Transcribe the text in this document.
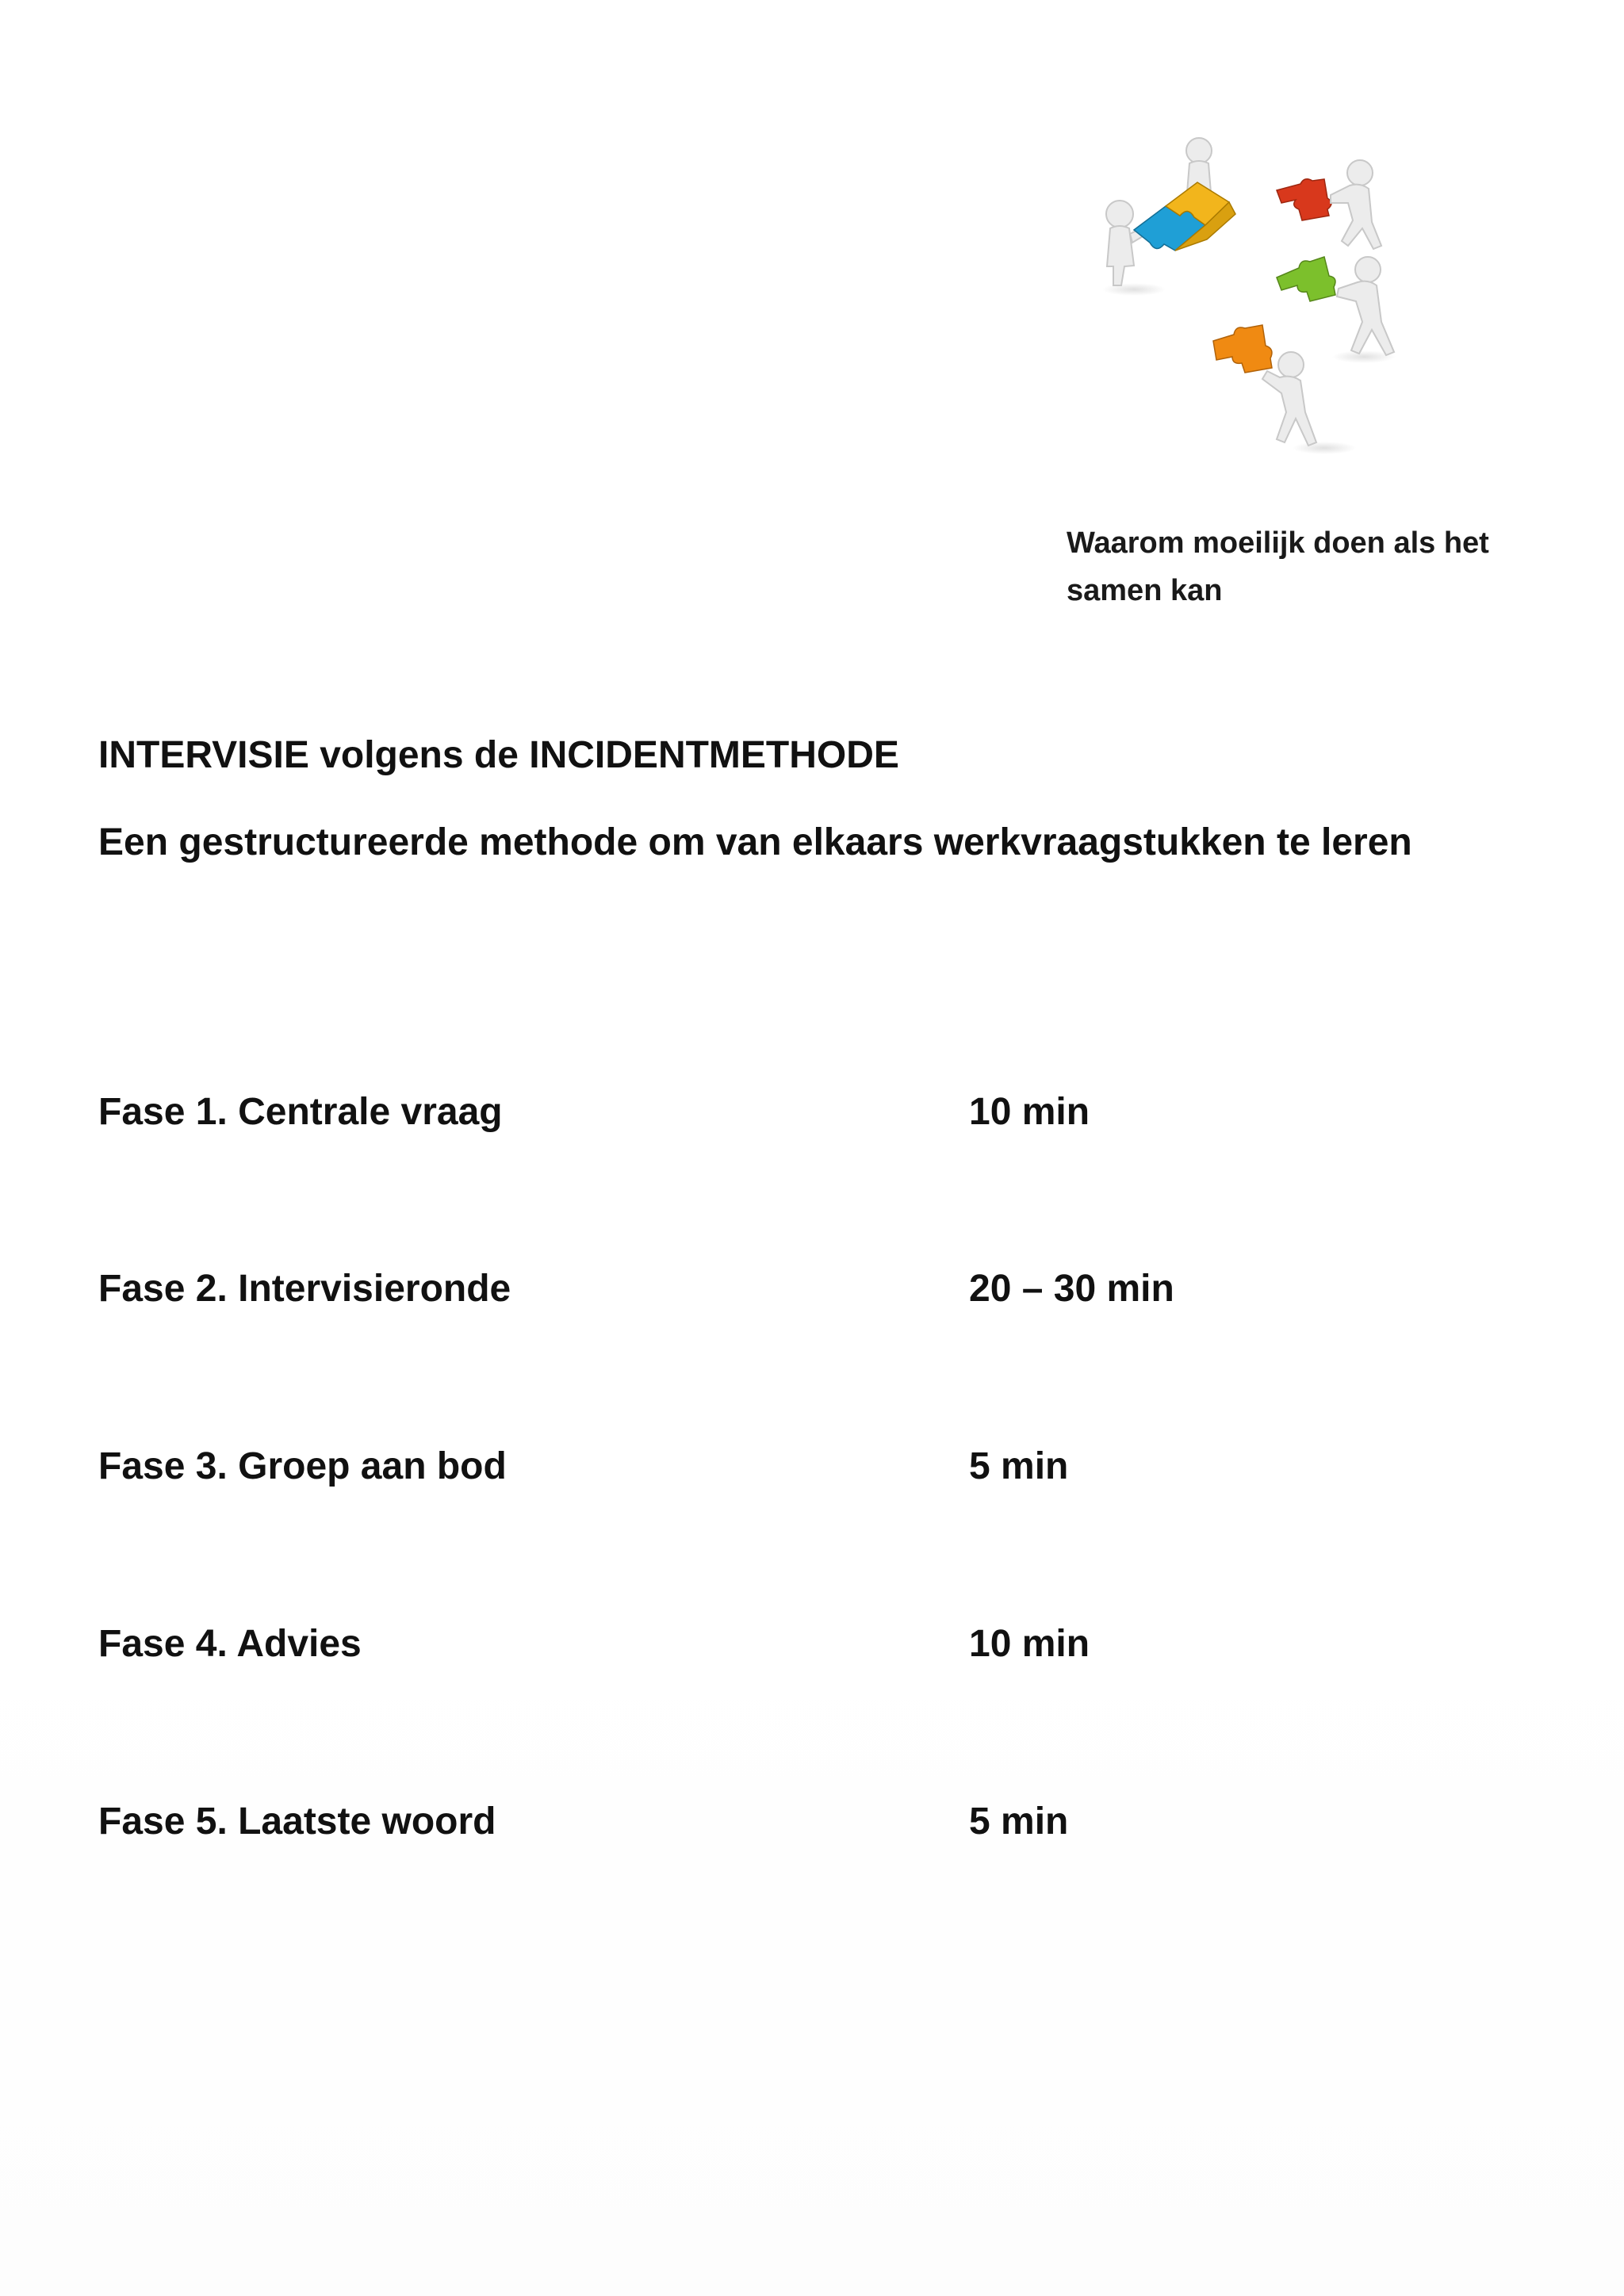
Waarom moeilijk doen als het
samen kan
INTERVISIE volgens de INCIDENTMETHODE
Een gestructureerde methode om van elkaars werkvraagstukken te leren
Fase 1. Centrale vraag	10 min
Fase 2. Intervisieronde	20 – 30 min
Fase 3. Groep aan bod	5 min
Fase 4. Advies	10 min
Fase 5. Laatste woord	5 min
